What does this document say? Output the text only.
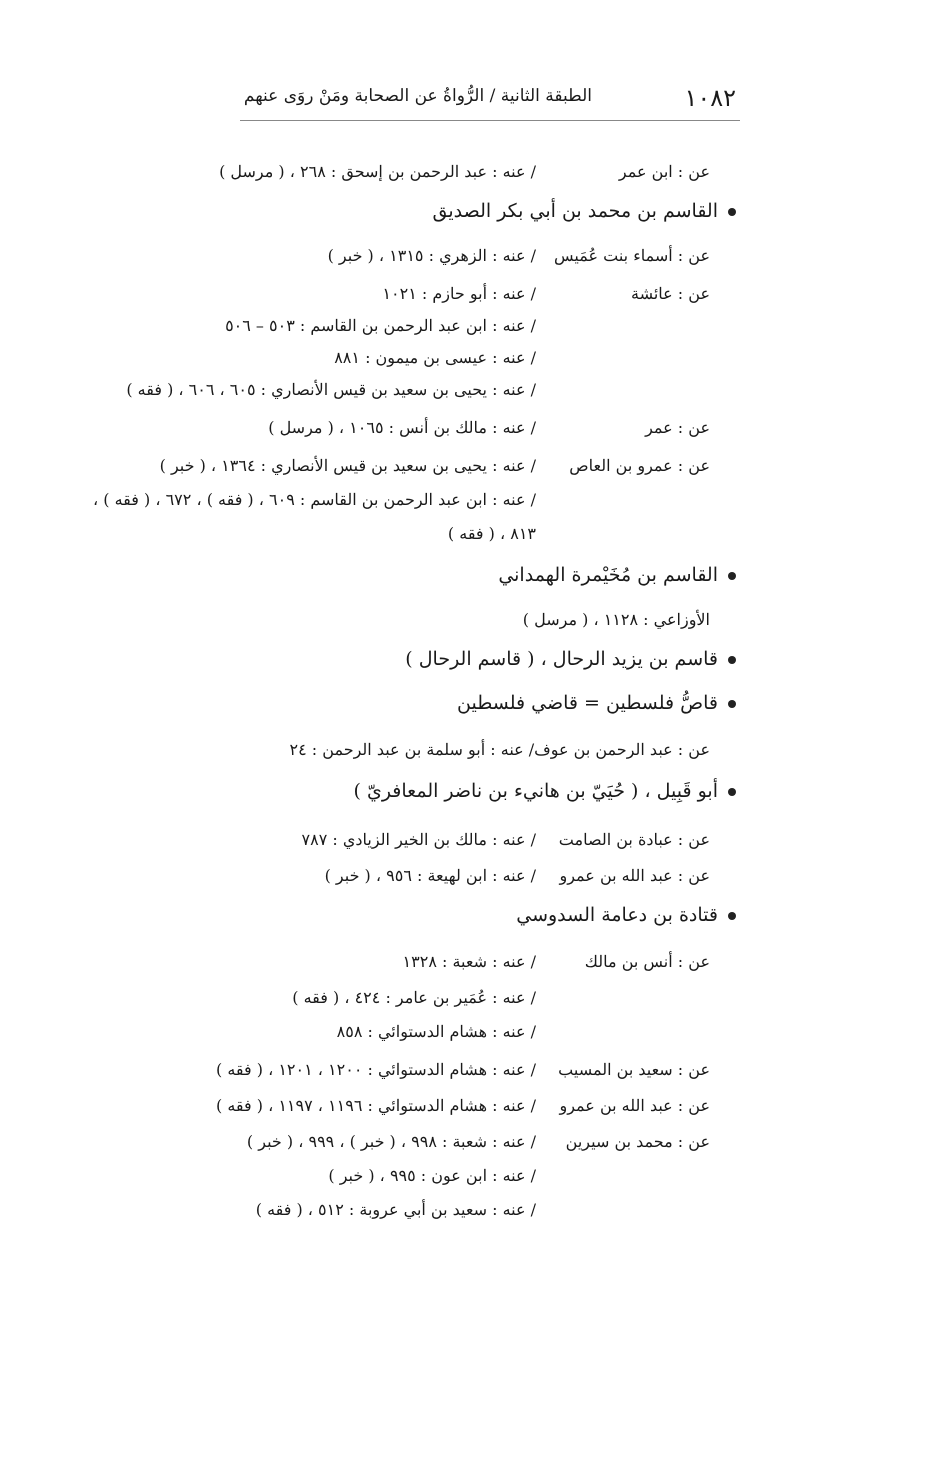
١٠٨٢
الطبقة الثانية / الرُّواةُ عن الصحابة ومَنْ روَى عنهم
عن : ابن عمر
/ عنه : عبد الرحمن بن إسحق : ٢٦٨ ، ( مرسل )
القاسم بن محمد بن أبي بكر الصديق
عن : أسماء بنت عُمَيس
/ عنه : الزهري : ١٣١٥ ، ( خبر )
عن : عائشة
/ عنه : أبو حازم : ١٠٢١
/ عنه : ابن عبد الرحمن بن القاسم : ٥٠٣ – ٥٠٦
/ عنه : عيسى بن ميمون : ٨٨١
/ عنه : يحيى بن سعيد بن قيس الأنصاري : ٦٠٥ ، ٦٠٦ ، ( فقه )
عن : عمر
/ عنه : مالك بن أنس : ١٠٦٥ ، ( مرسل )
عن : عمرو بن العاص
/ عنه : يحيى بن سعيد بن قيس الأنصاري : ١٣٦٤ ، ( خبر )
/ عنه : ابن عبد الرحمن بن القاسم : ٦٠٩ ، ( فقه ) ، ٦٧٢ ، ( فقه ) ،
٨١٣ ، ( فقه )
القاسم بن مُخَيْمرة الهمداني
الأوزاعي : ١١٢٨ ، ( مرسل )
قاسم بن يزيد الرحال ، ( قاسم الرحال )
قاصُّ فلسطين = قاضي فلسطين
عن : عبد الرحمن بن عوف/ عنه : أبو سلمة بن عبد الرحمن : ٢٤
أبو قَبِيل ، ( حُيَيّ بن هانيء بن ناضر المعافريّ )
عن : عبادة بن الصامت
/ عنه : مالك بن الخير الزيادي : ٧٨٧
عن : عبد الله بن عمرو
/ عنه : ابن لهيعة : ٩٥٦ ، ( خبر )
قتادة بن دعامة السدوسي
عن : أنس بن مالك
/ عنه : شعبة : ١٣٢٨
/ عنه : عُمَير بن عامر : ٤٢٤ ، ( فقه )
/ عنه : هشام الدستوائي : ٨٥٨
عن : سعيد بن المسيب
/ عنه : هشام الدستوائي : ١٢٠٠ ، ١٢٠١ ، ( فقه )
عن : عبد الله بن عمرو
/ عنه : هشام الدستوائي : ١١٩٦ ، ١١٩٧ ، ( فقه )
عن : محمد بن سيرين
/ عنه : شعبة : ٩٩٨ ، ( خبر ) ، ٩٩٩ ، ( خبر )
/ عنه : ابن عون : ٩٩٥ ، ( خبر )
/ عنه : سعيد بن أبي عروبة : ٥١٢ ، ( فقه )
